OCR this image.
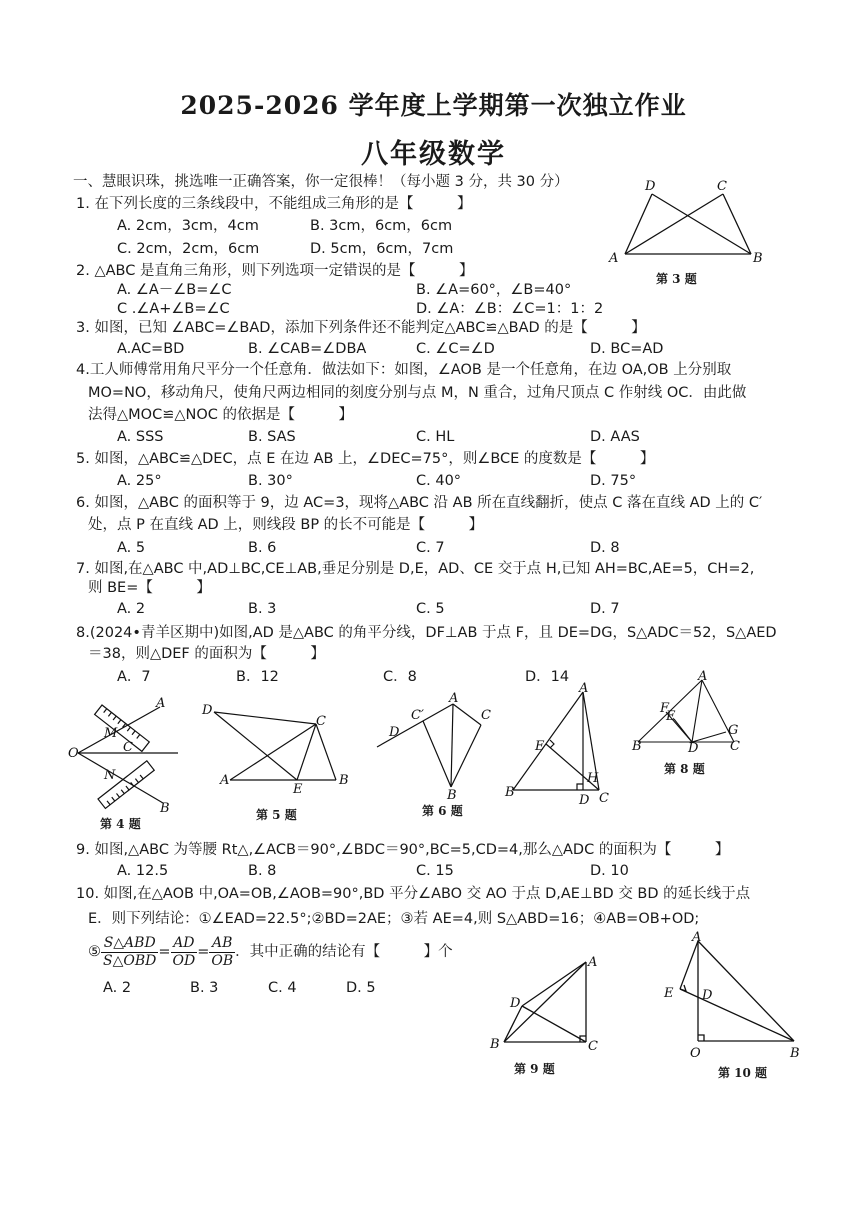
2025-2026 学年度上学期第一次独立作业
八年级数学
一、慧眼识珠，挑选唯一正确答案，你一定很棒！（每小题 3 分，共 30 分）
1. 在下列长度的三条线段中，不能组成三角形的是【　　　】
A. 2cm，3cm，4cm	B. 3cm，6cm，6cm
C. 2cm，2cm，6cm	D. 5cm，6cm，7cm
2. △ABC 是直角三角形，则下列选项一定错误的是【　　　】
A. ∠A－∠B=∠C	B. ∠A=60°，∠B=40°
C .∠A+∠B=∠C	D. ∠A：∠B：∠C=1：1：2
3. 如图，已知 ∠ABC=∠BAD，添加下列条件还不能判定△ABC≌△BAD 的是【　　　】
A.AC=BD	B. ∠CAB=∠DBA	C. ∠C=∠D	D. BC=AD
4.工人师傅常用角尺平分一个任意角．做法如下：如图，∠AOB 是一个任意角，在边 OA,OB 上分别取
MO=NO，移动角尺，使角尺两边相同的刻度分别与点 M，N 重合，过角尺顶点 C 作射线 OC．由此做
法得△MOC≌△NOC 的依据是【　　　】
A. SSS	B. SAS	C. HL	D. AAS
5. 如图，△ABC≌△DEC，点 E 在边 AB 上，∠DEC=75°，则∠BCE 的度数是【　　　】
A. 25°	B. 30°	C. 40°	D. 75°
6. 如图，△ABC 的面积等于 9，边 AC=3，现将△ABC 沿 AB 所在直线翻折，使点 C 落在直线 AD 上的 C′
处，点 P 在直线 AD 上，则线段 BP 的长不可能是【　　　】
A. 5	B. 6	C. 7	D. 8
7. 如图,在△ABC 中,AD⊥BC,CE⊥AB,垂足分别是 D,E，AD、CE 交于点 H,已知 AH=BC,AE=5，CH=2,
则 BE=【　　　】
A. 2	B. 3	C. 5	D. 7
8.(2024•青羊区期中)如图,AD 是△ABC 的角平分线，DF⊥AB 于点 F，且 DE=DG，S△ADC＝52，S△AED
＝38，则△DEF 的面积为【　　　】
A．7	B．12	C．8	D．14
D	C
A	B
第 3 题
A
M
C
O
N
B
第 4 题
D
C
A
E
B
第 5 题
A
D
C′	C
B
第 6 题
A
E
H
B
D C
A
F
E
G
B	D C
第 8 题
9. 如图,△ABC 为等腰 Rt△,∠ACB＝90°,∠BDC＝90°,BC=5,CD=4,那么△ADC 的面积为【　　　】
A. 12.5	B. 8	C. 15	D. 10
10. 如图,在△AOB 中,OA=OB,∠AOB=90°,BD 平分∠ABO 交 AO 于点 D,AE⊥BD 交 BD 的延长线于点
E．则下列结论：①∠EAD=22.5°;②BD=2AE；③若 AE=4,则 S△ABD=16；④AB=OB+OD;
⑤ $\frac{\text{S△ABD}}{\text{S△OBD}} = \frac{AD}{OD} = \frac{AB}{OB}$ ．其中正确的结论有【　　　】个
A. 2	B. 3	C. 4	D. 5
A
D
B	C
第 9 题
A
E D
O	B
第 10 题
